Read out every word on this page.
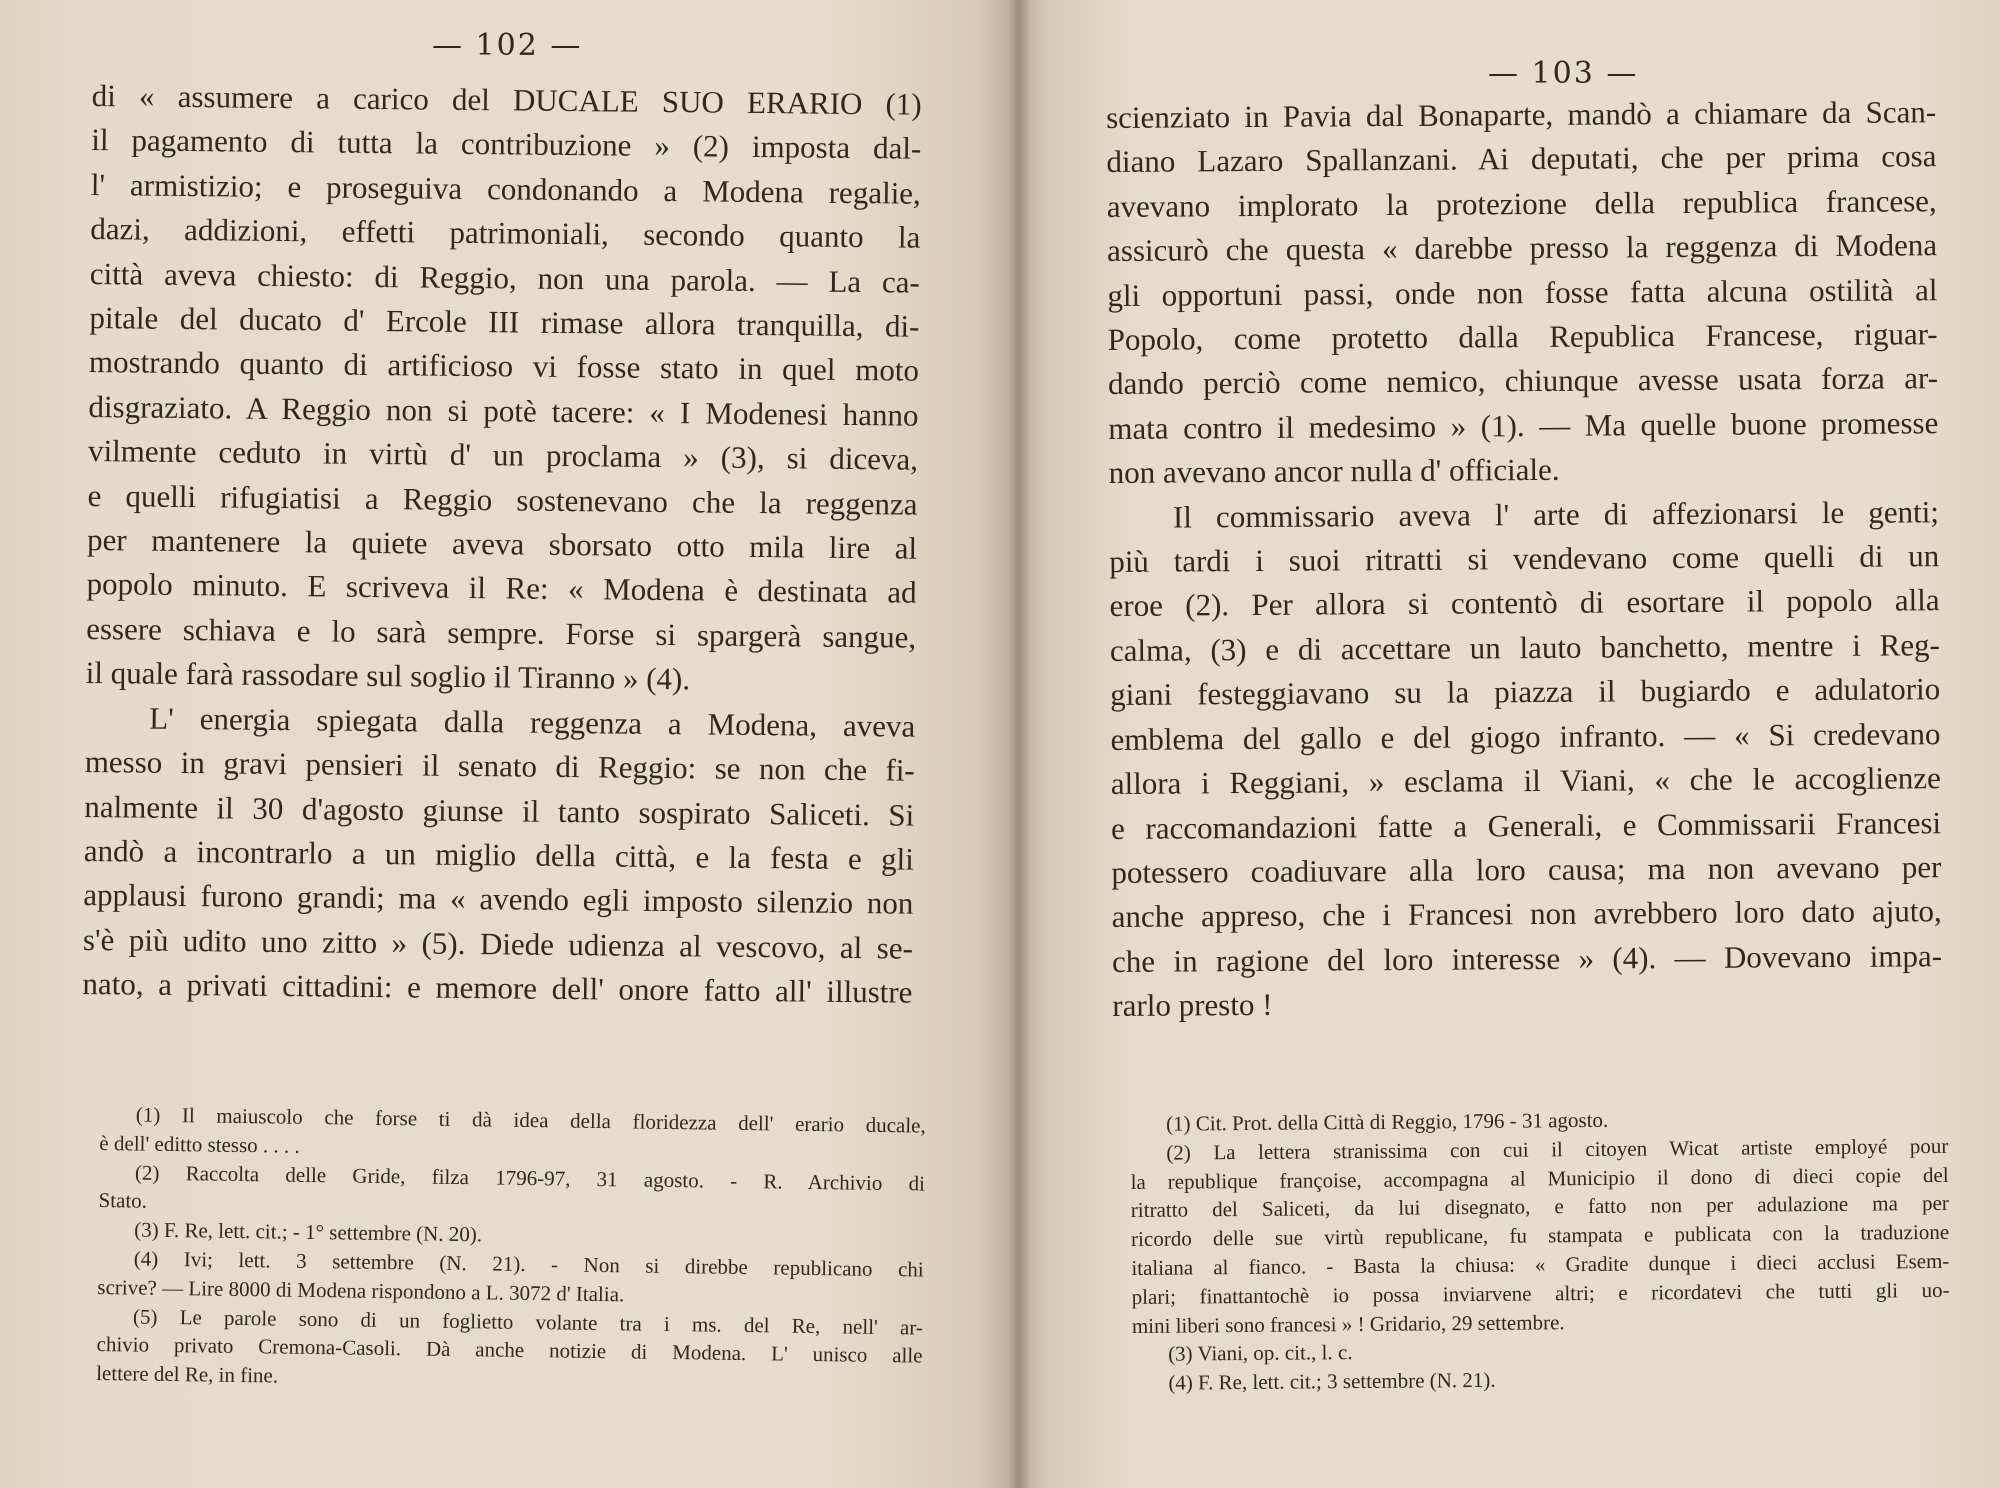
— 102 —
di « assumere a carico del DUCALE SUO ERARIO (1)
il pagamento di tutta la contribuzione » (2) imposta dal-
l' armistizio; e proseguiva condonando a Modena regalie,
dazi, addizioni, effetti patrimoniali, secondo quanto la
città aveva chiesto: di Reggio, non una parola. — La ca-
pitale del ducato d' Ercole III rimase allora tranquilla, di-
mostrando quanto di artificioso vi fosse stato in quel moto
disgraziato. A Reggio non si potè tacere: « I Modenesi hanno
vilmente ceduto in virtù d' un proclama » (3), si diceva,
e quelli rifugiatisi a Reggio sostenevano che la reggenza
per mantenere la quiete aveva sborsato otto mila lire al
popolo minuto. E scriveva il Re: « Modena è destinata ad
essere schiava e lo sarà sempre. Forse si spargerà sangue,
il quale farà rassodare sul soglio il Tiranno » (4).
L' energia spiegata dalla reggenza a Modena, aveva
messo in gravi pensieri il senato di Reggio: se non che fi-
nalmente il 30 d'agosto giunse il tanto sospirato Saliceti. Si
andò a incontrarlo a un miglio della città, e la festa e gli
applausi furono grandi; ma « avendo egli imposto silenzio non
s'è più udito uno zitto » (5). Diede udienza al vescovo, al se-
nato, a privati cittadini: e memore dell' onore fatto all' illustre
(1) Il maiuscolo che forse ti dà idea della floridezza dell' erario ducale,
è dell' editto stesso . . . .
(2) Raccolta delle Gride, filza 1796-97, 31 agosto. - R. Archivio di
Stato.
(3) F. Re, lett. cit.; - 1° settembre (N. 20).
(4) Ivi; lett. 3 settembre (N. 21). - Non si direbbe republicano chi
scrive? — Lire 8000 di Modena rispondono a L. 3072 d' Italia.
(5) Le parole sono di un foglietto volante tra i ms. del Re, nell' ar-
chivio privato Cremona-Casoli. Dà anche notizie di Modena. L' unisco alle
lettere del Re, in fine.
— 103 —
scienziato in Pavia dal Bonaparte, mandò a chiamare da Scan-
diano Lazaro Spallanzani. Ai deputati, che per prima cosa
avevano implorato la protezione della republica francese,
assicurò che questa « darebbe presso la reggenza di Modena
gli opportuni passi, onde non fosse fatta alcuna ostilità al
Popolo, come protetto dalla Republica Francese, riguar-
dando perciò come nemico, chiunque avesse usata forza ar-
mata contro il medesimo » (1). — Ma quelle buone promesse
non avevano ancor nulla d' officiale.
Il commissario aveva l' arte di affezionarsi le genti;
più tardi i suoi ritratti si vendevano come quelli di un
eroe (2). Per allora si contentò di esortare il popolo alla
calma, (3) e di accettare un lauto banchetto, mentre i Reg-
giani festeggiavano su la piazza il bugiardo e adulatorio
emblema del gallo e del giogo infranto. — « Si credevano
allora i Reggiani, » esclama il Viani, « che le accoglienze
e raccomandazioni fatte a Generali, e Commissarii Francesi
potessero coadiuvare alla loro causa; ma non avevano per
anche appreso, che i Francesi non avrebbero loro dato ajuto,
che in ragione del loro interesse » (4). — Dovevano impa-
rarlo presto !
(1) Cit. Prot. della Città di Reggio, 1796 - 31 agosto.
(2) La lettera stranissima con cui il citoyen Wicat artiste employé pour
la republique françoise, accompagna al Municipio il dono di dieci copie del
ritratto del Saliceti, da lui disegnato, e fatto non per adulazione ma per
ricordo delle sue virtù republicane, fu stampata e publicata con la traduzione
italiana al fianco. - Basta la chiusa: « Gradite dunque i dieci acclusi Esem-
plari; finattantochè io possa inviarvene altri; e ricordatevi che tutti gli uo-
mini liberi sono francesi » ! Gridario, 29 settembre.
(3) Viani, op. cit., l. c.
(4) F. Re, lett. cit.; 3 settembre (N. 21).
